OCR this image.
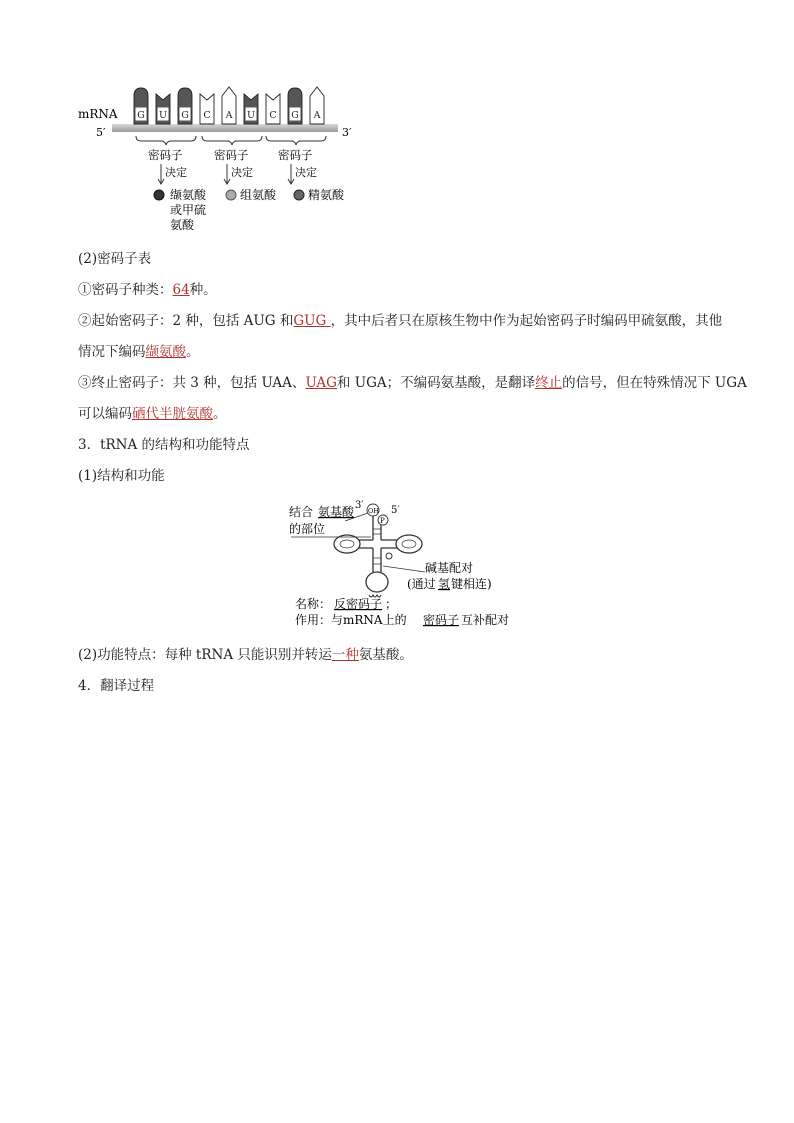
mRNA
5′	3′
G U G C A U C G A
密码子	密码子	密码子
决定	决定	决定
缬氨酸
或甲硫
氨酸
组氨酸	精氨酸
(2)密码子表
①密码子种类：64种。
②起始密码子：2 种，包括 AUG 和GUG ，其中后者只在原核生物中作为起始密码子时编码甲硫氨酸，其他
情况下编码缬氨酸。
③终止密码子：共 3 种，包括 UAA、UAG和 UGA；不编码氨基酸，是翻译终止的信号，但在特殊情况下 UGA
可以编码硒代半胱氨酸。
3．tRNA 的结构和功能特点
(1)结构和功能
结合 氨基酸
的部位
3′	5′
OH
P
碱基配对
(通过 氢 键相连)
名称： 反密码子 ；
作用：与mRNA上的 密码子 互补配对
(2)功能特点：每种 tRNA 只能识别并转运一种氨基酸。
4．翻译过程
